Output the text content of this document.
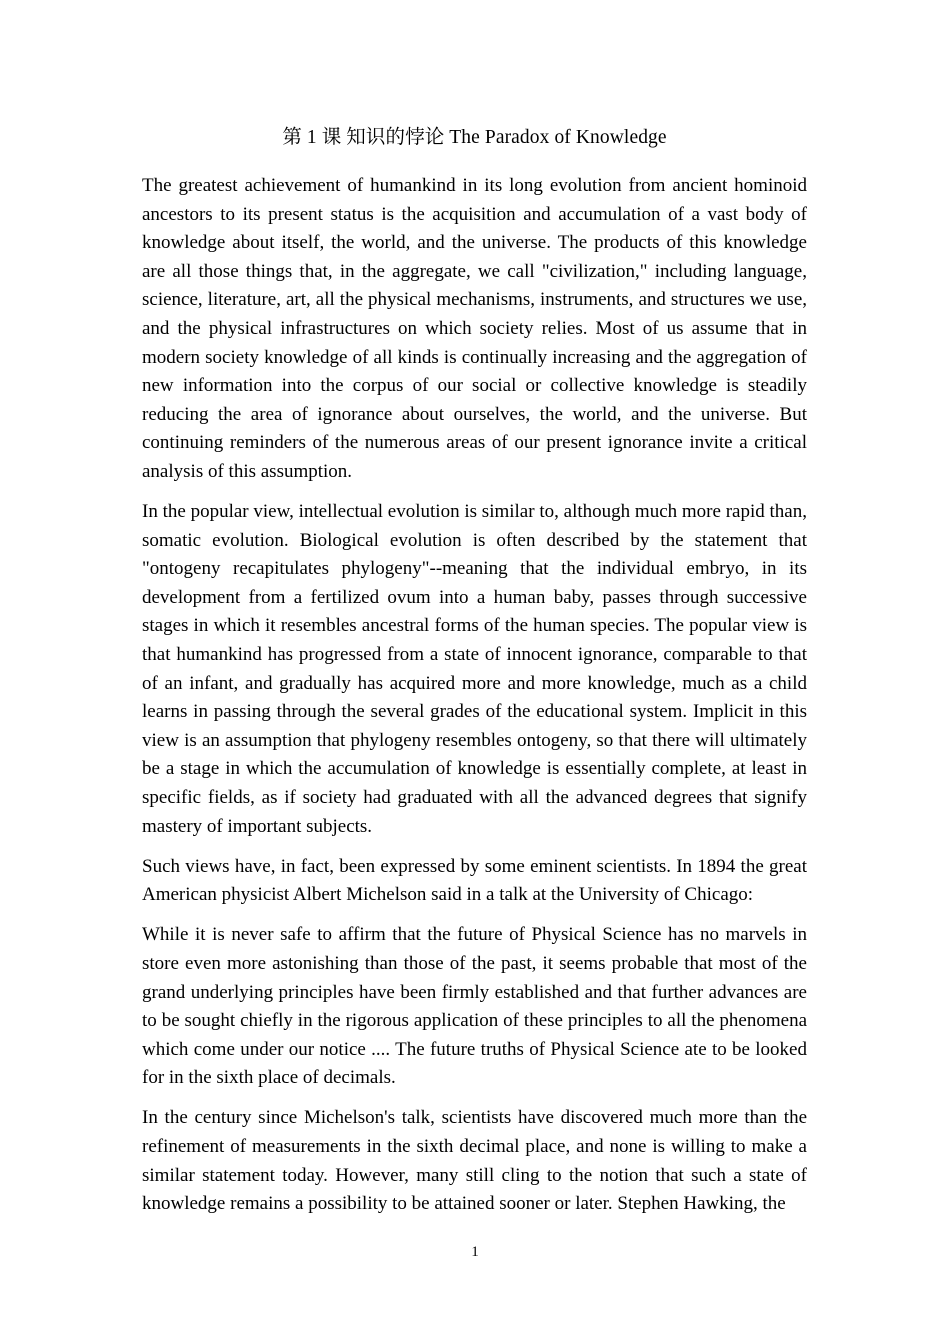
第 1 课 知识的悖论 The Paradox of Knowledge

The greatest achievement of humankind in its long evolution from ancient hominoid ancestors to its present status is the acquisition and accumulation of a vast body of knowledge about itself, the world, and the universe. The products of this knowledge are all those things that, in the aggregate, we call "civilization," including language, science, literature, art, all the physical mechanisms, instruments, and structures we use, and the physical infrastructures on which society relies. Most of us assume that in modern society knowledge of all kinds is continually increasing and the aggregation of new information into the corpus of our social or collective knowledge is steadily reducing the area of ignorance about ourselves, the world, and the universe. But continuing reminders of the numerous areas of our present ignorance invite a critical analysis of this assumption.

In the popular view, intellectual evolution is similar to, although much more rapid than, somatic evolution. Biological evolution is often described by the statement that "ontogeny recapitulates phylogeny"--meaning that the individual embryo, in its development from a fertilized ovum into a human baby, passes through successive stages in which it resembles ancestral forms of the human species. The popular view is that humankind has progressed from a state of innocent ignorance, comparable to that of an infant, and gradually has acquired more and more knowledge, much as a child learns in passing through the several grades of the educational system. Implicit in this view is an assumption that phylogeny resembles ontogeny, so that there will ultimately be a stage in which the accumulation of knowledge is essentially complete, at least in specific fields, as if society had graduated with all the advanced degrees that signify mastery of important subjects.

Such views have, in fact, been expressed by some eminent scientists. In 1894 the great American physicist Albert Michelson said in a talk at the University of Chicago:

While it is never safe to affirm that the future of Physical Science has no marvels in store even more astonishing than those of the past, it seems probable that most of the grand underlying principles have been firmly established and that further advances are to be sought chiefly in the rigorous application of these principles to all the phenomena which come under our notice .... The future truths of Physical Science ate to be looked for in the sixth place of decimals.

In the century since Michelson's talk, scientists have discovered much more than the refinement of measurements in the sixth decimal place, and none is willing to make a similar statement today. However, many still cling to the notion that such a state of knowledge remains a possibility to be attained sooner or later. Stephen Hawking, the

1
